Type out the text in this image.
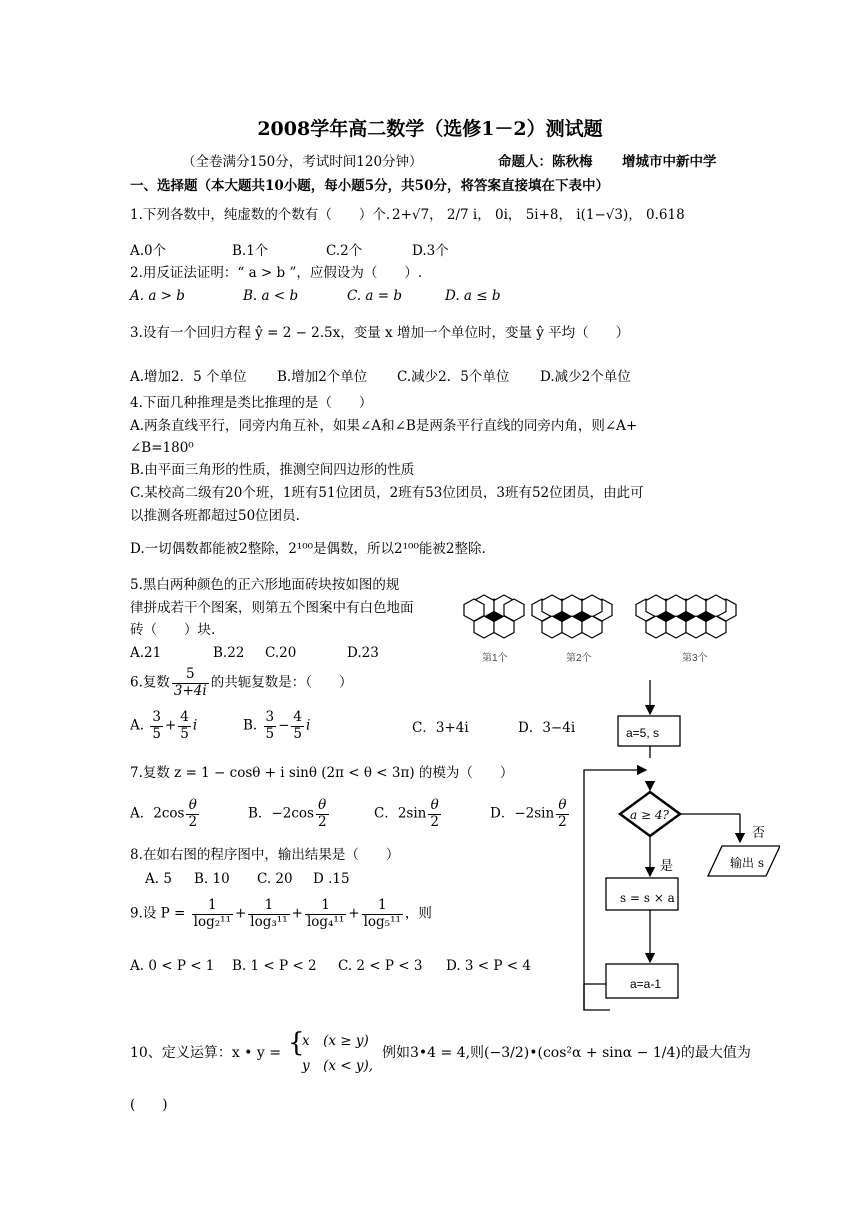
2008学年高二数学（选修1－2）测试题
（全卷满分150分，考试时间120分钟）	命题人：陈秋梅 增城市中新中学
一、选择题（本大题共10小题，每小题5分，共50分，将答案直接填在下表中）
1.下列各数中，纯虚数的个数有（　　）个. 2+√7， 2/7 i， 0i， 5i+8， i(1−√3)， 0.618
A.0个	B.1个	C.2个	D.3个
2.用反证法证明：“ a > b ”，应假设为（　　）.
A. a > b	B. a < b	C. a = b	D. a ≤ b
3.设有一个回归方程 ŷ = 2 − 2.5x，变量 x 增加一个单位时，变量 ŷ 平均（　　）
A.增加2．5 个单位 B.增加2个单位 C.减少2．5个单位 D.减少2个单位
4.下面几种推理是类比推理的是（　　）
A.两条直线平行，同旁内角互补，如果∠A和∠B是两条平行直线的同旁内角，则∠A+
∠B=180⁰
B.由平面三角形的性质，推测空间四边形的性质
C.某校高二级有20个班，1班有51位团员，2班有53位团员，3班有52位团员，由此可
以推测各班都超过50位团员.
D.一切偶数都能被2整除，2¹⁰⁰是偶数，所以2¹⁰⁰能被2整除.
5.黑白两种颜色的正六形地面砖块按如图的规
律拼成若干个图案，则第五个图案中有白色地面
砖（　　）块.
A.21	B.22 C.20	D.23	第1个	第2个	第3个
6.复数 $\frac{5}{3+4i}$ 的共轭复数是：（　　）
A. $\frac{3}{5} + \frac{4}{5}$ i	B. $\frac{3}{5} - \frac{4}{5}$ i	C．3+4i	D．3−4i
7.复数 z = 1 − cosθ + i sinθ (2π < θ < 3π) 的模为（　　）
A．$2\cos \frac{\theta}{2}$	B．$-2\cos \frac{\theta}{2}$	C．$2\sin \frac{\theta}{2}$	D．$-2\sin \frac{\theta}{2}$
8.在如右图的程序图中，输出结果是（　　）
A. 5 B. 10 C. 20 D .15
9.设 $P = \frac{1}{\text{log₂¹¹}} + \frac{1}{\text{log₃¹¹}} + \frac{1}{\text{log₄¹¹}} + \frac{1}{\text{log₅¹¹}}$ ，则
A. 0 < P < 1 B. 1 < P < 2 C. 2 < P < 3 D. 3 < P < 4
10、定义运算：x • y = {
x　(x ≥ y)
y　(x < y),
例如3•4 = 4,则(−3/2)•(cos²α + sinα − 1/4)的最大值为
(　　)
a=5, s
a ≥ 4?
否
是	输出 s
s = s × a
a=a-1
